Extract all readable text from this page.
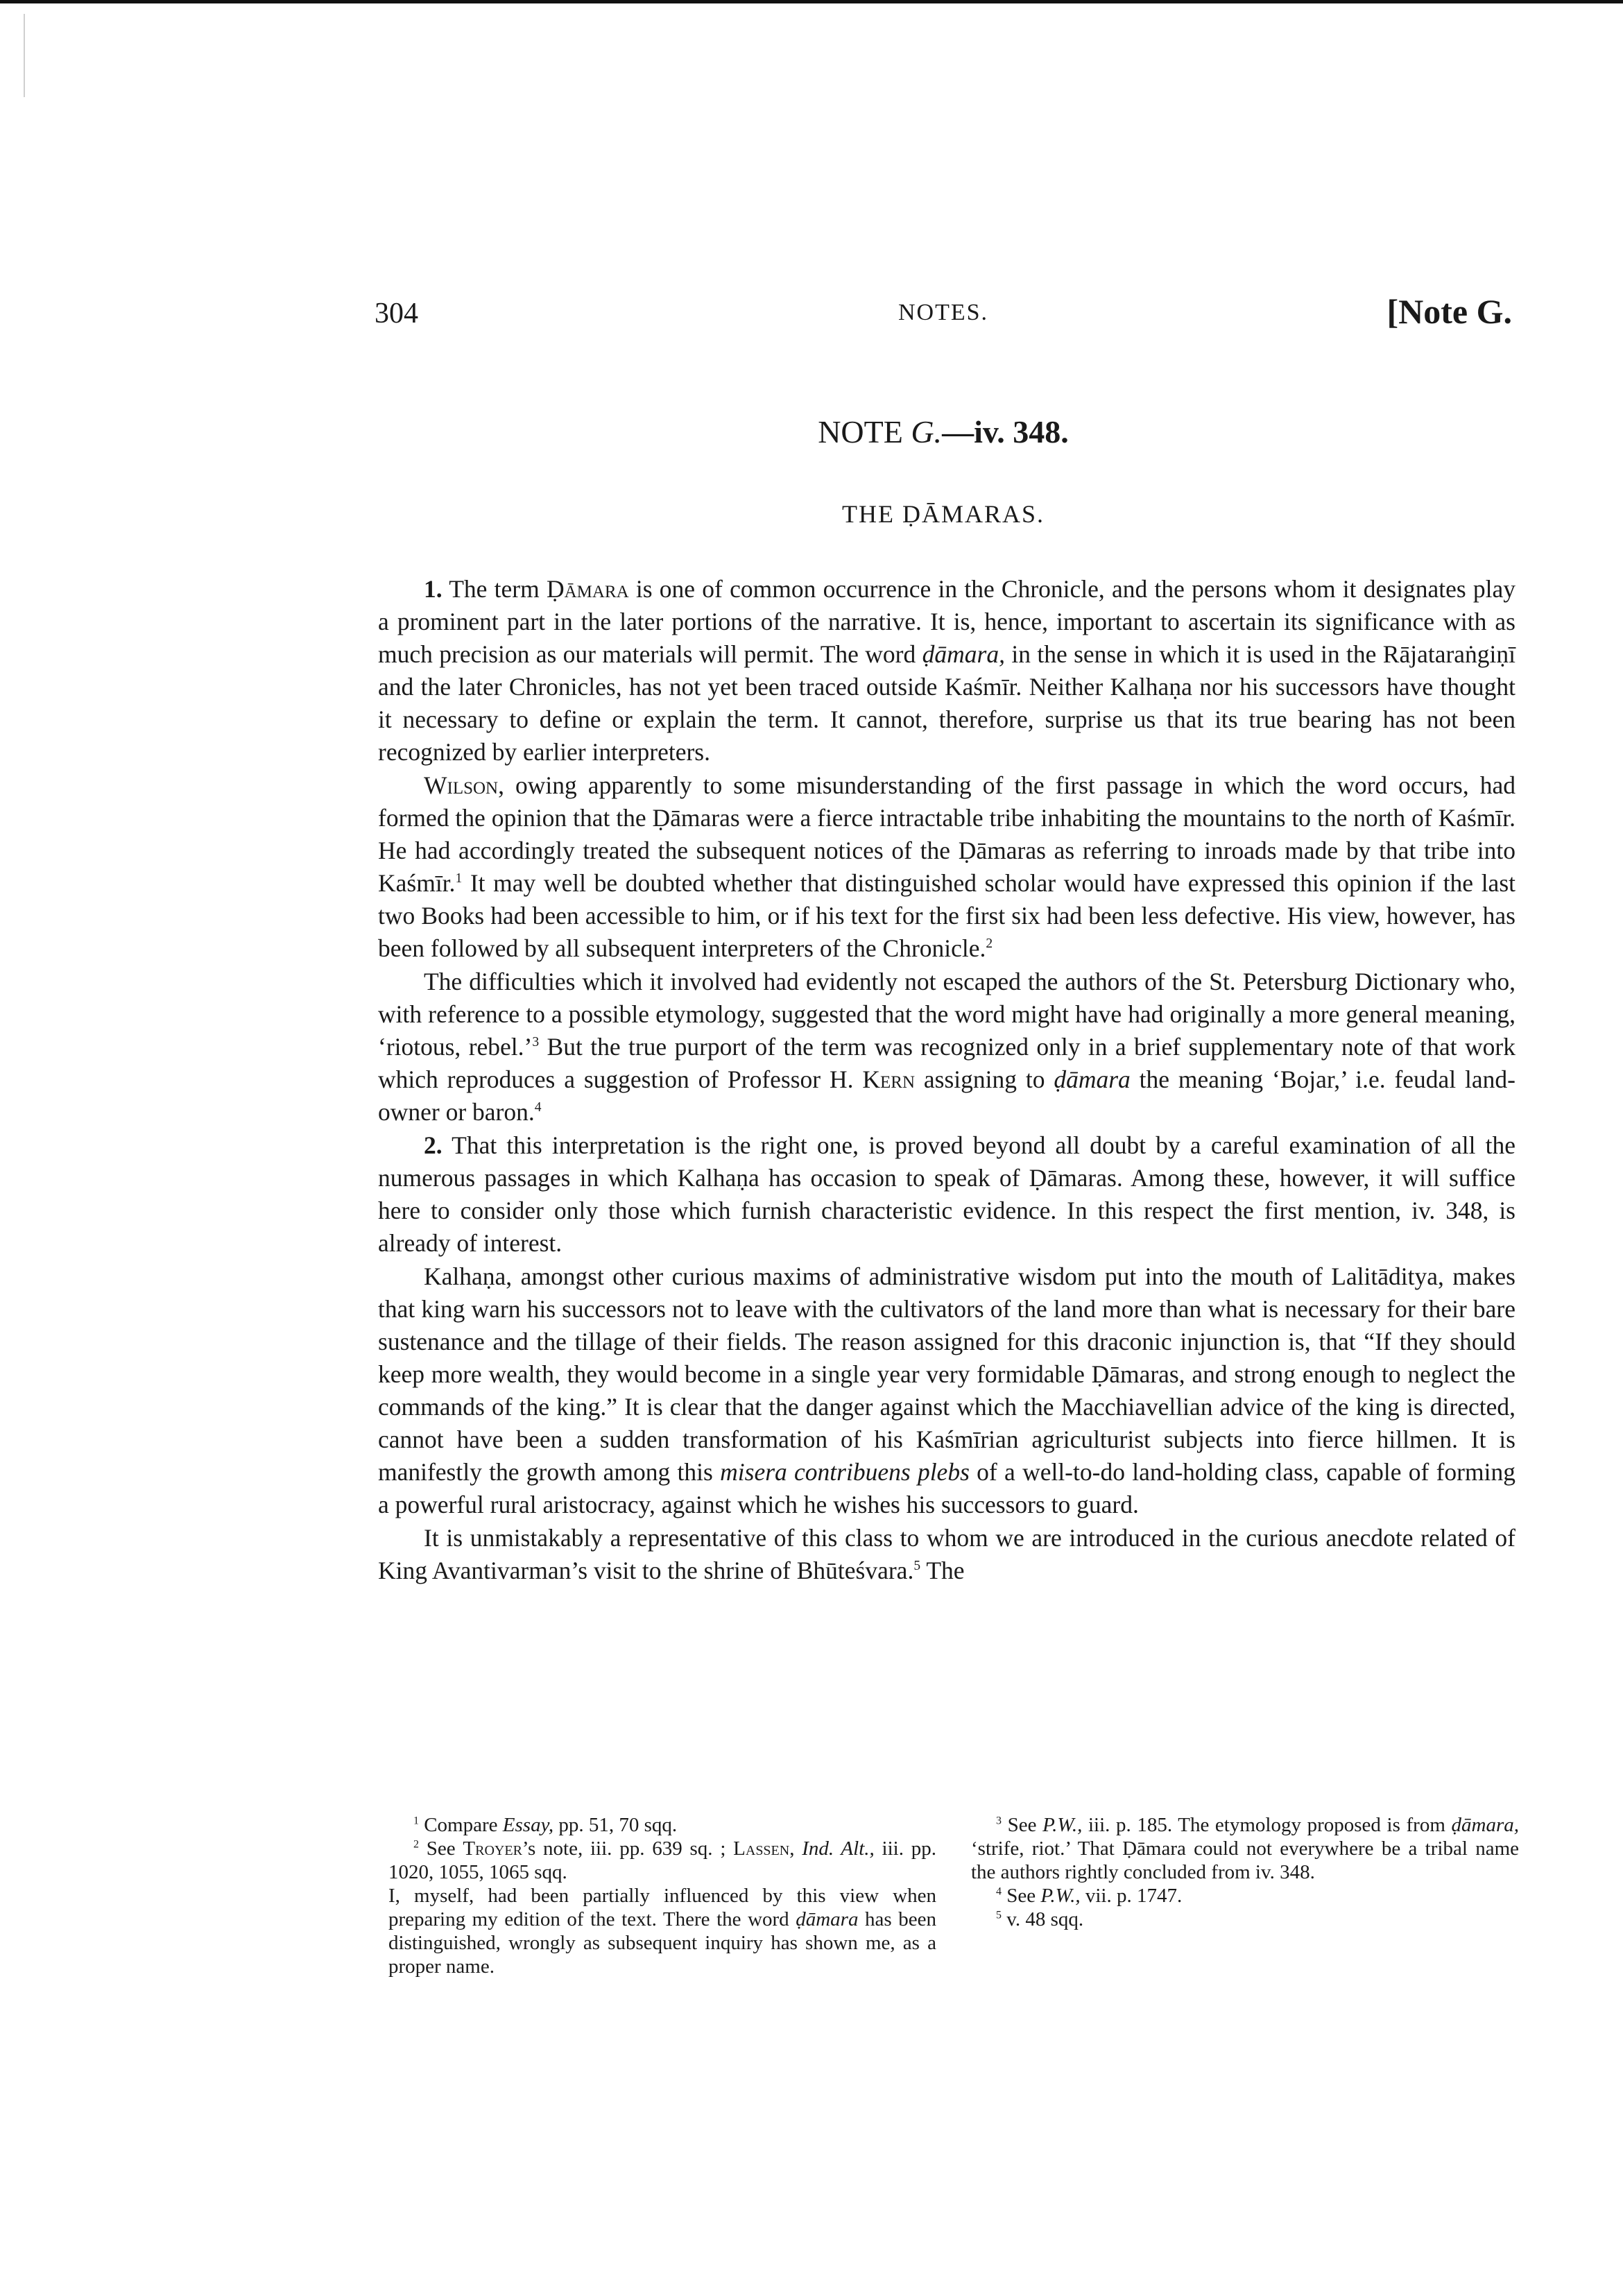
304	NOTES.	[Note G.
NOTE G.—iv. 348.
THE ḌĀMARAS.

1. The term Ḍāmara is one of common occurrence in the Chronicle, and the persons whom it designates play a prominent part in the later portions of the narrative. It is, hence, important to ascertain its significance with as much precision as our materials will permit. The word ḍāmara, in the sense in which it is used in the Rājataraṅgiṇī and the later Chronicles, has not yet been traced outside Kaśmīr. Neither Kalhaṇa nor his successors have thought it necessary to define or explain the term. It cannot, therefore, surprise us that its true bearing has not been recognized by earlier interpreters.

Wilson, owing apparently to some misunderstanding of the first passage in which the word occurs, had formed the opinion that the Ḍāmaras were a fierce intractable tribe inhabiting the mountains to the north of Kaśmīr. He had accordingly treated the subsequent notices of the Ḍāmaras as referring to inroads made by that tribe into Kaśmīr.$^1$ It may well be doubted whether that distinguished scholar would have expressed this opinion if the last two Books had been accessible to him, or if his text for the first six had been less defective. His view, however, has been followed by all subsequent interpreters of the Chronicle.$^2$

The difficulties which it involved had evidently not escaped the authors of the St. Petersburg Dictionary who, with reference to a possible etymology, suggested that the word might have had originally a more general meaning, ‘riotous, rebel.’$^3$ But the true purport of the term was recognized only in a brief supplementary note of that work which reproduces a suggestion of Professor H. Kern assigning to ḍāmara the meaning ‘Bojar,’ i.e. feudal land-owner or baron.$^4$

2. That this interpretation is the right one, is proved beyond all doubt by a careful examination of all the numerous passages in which Kalhaṇa has occasion to speak of Ḍāmaras. Among these, however, it will suffice here to consider only those which furnish characteristic evidence. In this respect the first mention, iv. 348, is already of interest.

Kalhaṇa, amongst other curious maxims of administrative wisdom put into the mouth of Lalitāditya, makes that king warn his successors not to leave with the cultivators of the land more than what is necessary for their bare sustenance and the tillage of their fields. The reason assigned for this draconic injunction is, that “If they should keep more wealth, they would become in a single year very formidable Ḍāmaras, and strong enough to neglect the commands of the king.” It is clear that the danger against which the Macchiavellian advice of the king is directed, cannot have been a sudden transformation of his Kaśmīrian agriculturist subjects into fierce hillmen. It is manifestly the growth among this misera contribuens plebs of a well-to-do land-holding class, capable of forming a powerful rural aristocracy, against which he wishes his successors to guard.

It is unmistakably a representative of this class to whom we are introduced in the curious anecdote related of King Avantivarman’s visit to the shrine of Bhūteśvara.$^5$ The

$^1$ Compare Essay, pp. 51, 70 sqq.

$^2$ See Troyer’s note, iii. pp. 639 sq. ; Lassen, Ind. Alt., iii. pp. 1020, 1055, 1065 sqq.

I, myself, had been partially influenced by this view when preparing my edition of the text. There the word ḍāmara has been distinguished, wrongly as subsequent inquiry has shown me, as a proper name.

$^3$ See P.W., iii. p. 185. The etymology proposed is from ḍāmara, ‘strife, riot.’ That Ḍāmara could not everywhere be a tribal name the authors rightly concluded from iv. 348.

$^4$ See P.W., vii. p. 1747.

$^5$ v. 48 sqq.
